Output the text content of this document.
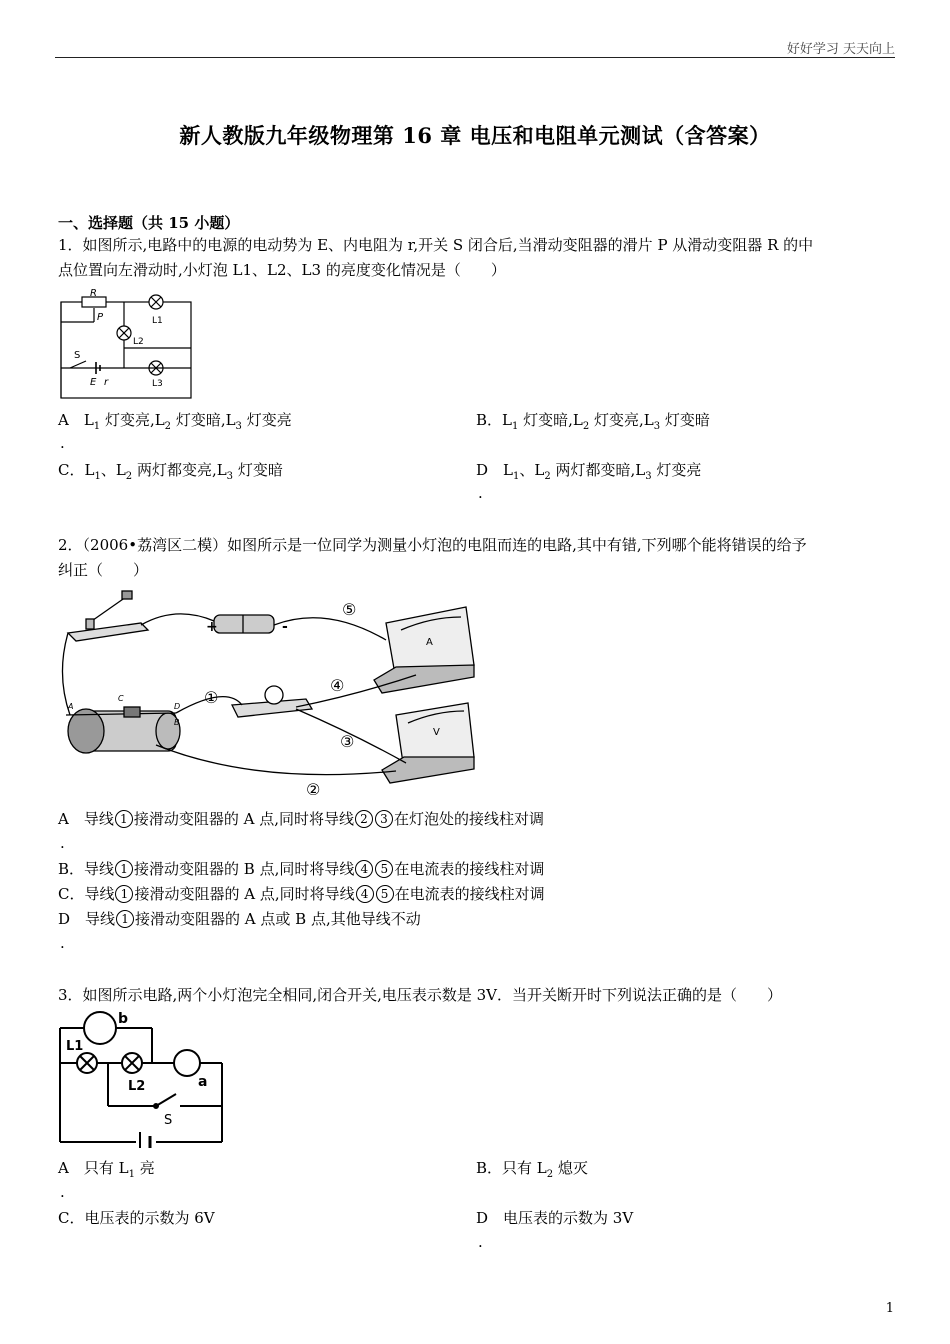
好好学习 天天向上
新人教版九年级物理第 16 章 电压和电阻单元测试（含答案）
一、选择题（共 15 小题）
1．如图所示,电路中的电源的电动势为 E、内电阻为 r,开关 S 闭合后,当滑动变阻器的滑片 P 从滑动变阻器 R 的中
点位置向左滑动时,小灯泡 L1、L2、L3 的亮度变化情况是（　　）
R
P	L1
L2
L3
S
E r
A　$L_1$ 灯变亮$,L_2$ 灯变暗$,L_3$ 灯变亮
.
B．$L_1$ 灯变暗$,L_2$ 灯变亮$,L_3$ 灯变暗
C．$L_1$、$L_2$ 两灯都变亮$,L_3$ 灯变暗	D　$L_1$、$L_2$ 两灯都变暗$,L_3$ 灯变亮
.
2．（2006•荔湾区二模）如图所示是一位同学为测量小灯泡的电阻而连的电路,其中有错,下列哪个能将错误的给予
纠正（　　）
+	-
①
②
③
④
⑤
A
V
A	D
C
B
A　导线 1 接滑动变阻器的 A 点,同时将导线 2 3 在灯泡处的接线柱对调
.
B．导线 1 接滑动变阻器的 B 点,同时将导线 4 5 在电流表的接线柱对调
C．导线 1 接滑动变阻器的 A 点,同时将导线 4 5 在电流表的接线柱对调
D　导线 1 接滑动变阻器的 A 点或 B 点,其他导线不动
.
3．如图所示电路,两个小灯泡完全相同,闭合开关,电压表示数是 3V．当开关断开时下列说法正确的是（　　）
b
L1
L2	a
S
A　只有 $L_1$ 亮
.
B．只有 $L_2$ 熄灭
C．电压表的示数为 6V	D　电压表的示数为 3V
.
1
